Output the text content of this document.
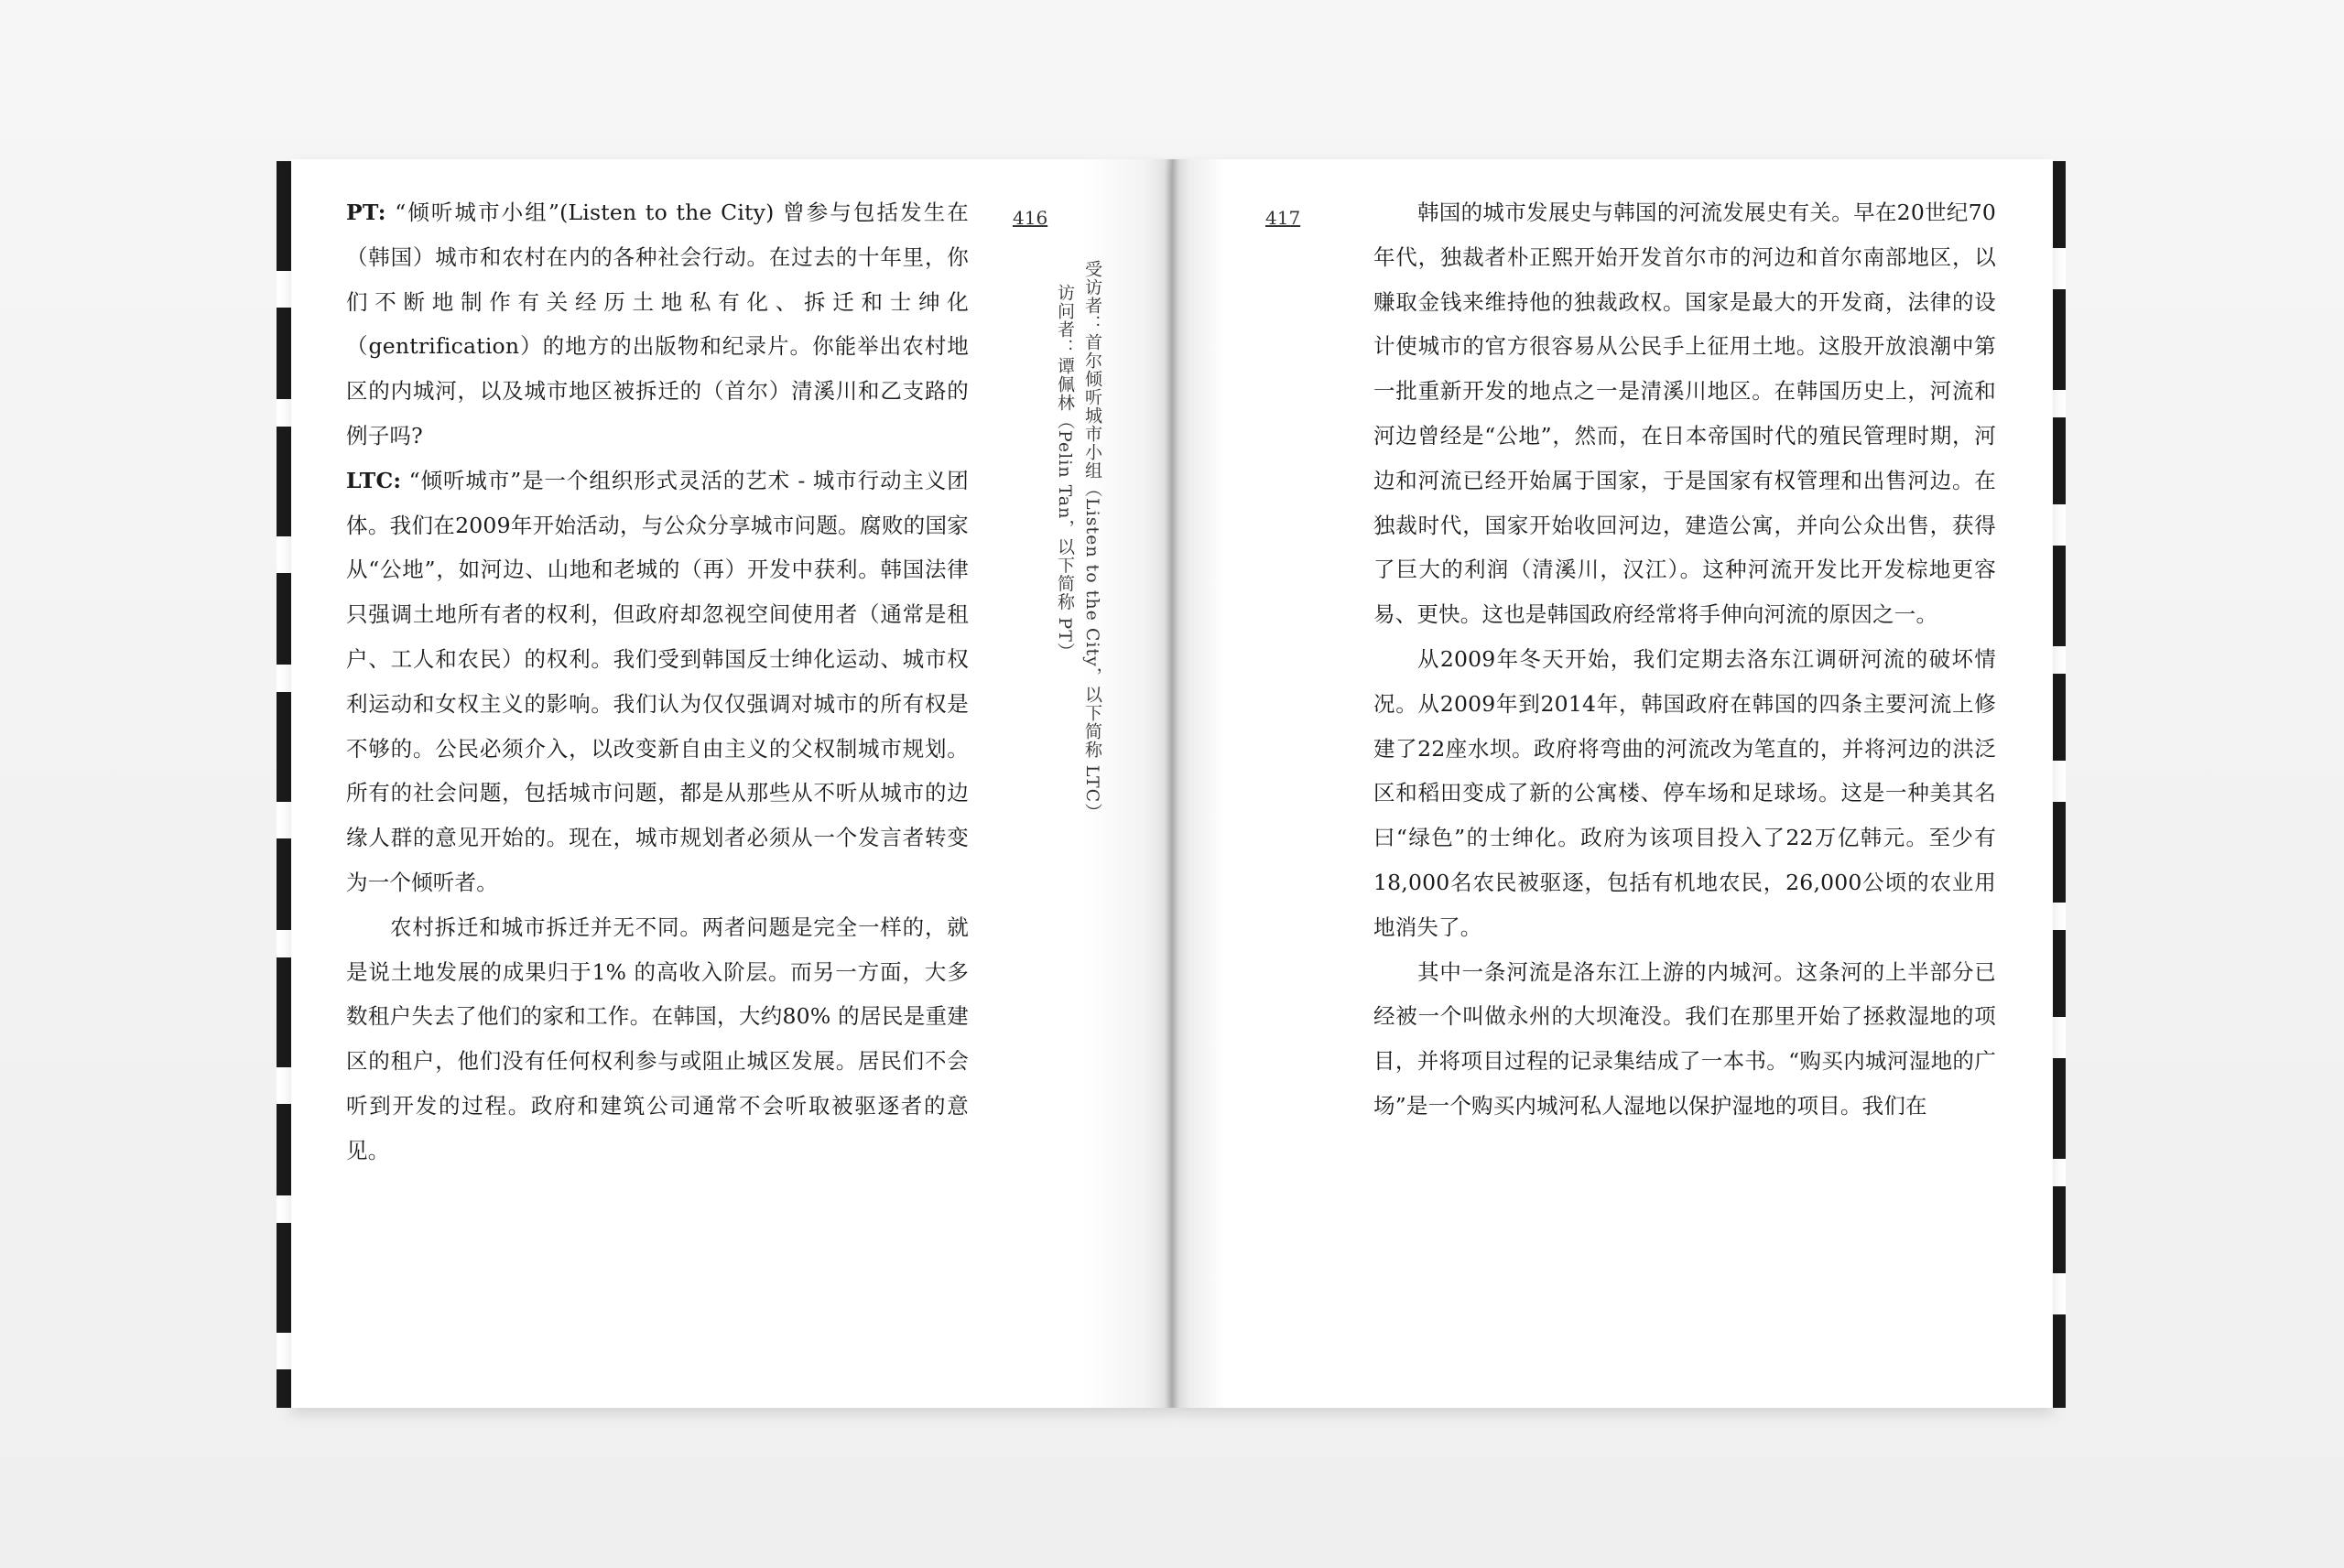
PT: “倾听城市小组”(Listen to the City) 曾参与包括发生在（韩国）城市和农村在内的各种社会行动。在过去的十年里，你们不断地制作有关经历土地私有化、拆迁和士绅化（gentrification）的地方的出版物和纪录片。你能举出农村地区的内城河，以及城市地区被拆迁的（首尔）清溪川和乙支路的例子吗?

LTC: “倾听城市”是一个组织形式灵活的艺术 - 城市行动主义团体。我们在2009年开始活动，与公众分享城市问题。腐败的国家从“公地”，如河边、山地和老城的（再）开发中获利。韩国法律只强调土地所有者的权利，但政府却忽视空间使用者（通常是租户、工人和农民）的权利。我们受到韩国反士绅化运动、城市权利运动和女权主义的影响。我们认为仅仅强调对城市的所有权是不够的。公民必须介入，以改变新自由主义的父权制城市规划。所有的社会问题，包括城市问题，都是从那些从不听从城市的边缘人群的意见开始的。现在，城市规划者必须从一个发言者转变为一个倾听者。

农村拆迁和城市拆迁并无不同。两者问题是完全一样的，就是说土地发展的成果归于1% 的高收入阶层。而另一方面，大多数租户失去了他们的家和工作。在韩国，大约80% 的居民是重建区的租户，他们没有任何权利参与或阻止城区发展。居民们不会听到开发的过程。政府和建筑公司通常不会听取被驱逐者的意见。

416
受访者：首尔倾听城市小组（Listen to the City，以下简称 LTC）
访问者：谭佩林（Pelin Tan，以下简称 PT）
417	韩国的城市发展史与韩国的河流发展史有关。早在20世纪70年代，独裁者朴正熙开始开发首尔市的河边和首尔南部地区，以赚取金钱来维持他的独裁政权。国家是最大的开发商，法律的设计使城市的官方很容易从公民手上征用土地。这股开放浪潮中第一批重新开发的地点之一是清溪川地区。在韩国历史上，河流和河边曾经是“公地”，然而，在日本帝国时代的殖民管理时期，河边和河流已经开始属于国家，于是国家有权管理和出售河边。在独裁时代，国家开始收回河边，建造公寓，并向公众出售，获得了巨大的利润（清溪川，汉江）。这种河流开发比开发棕地更容易、更快。这也是韩国政府经常将手伸向河流的原因之一。

从2009年冬天开始，我们定期去洛东江调研河流的破坏情况。从2009年到2014年，韩国政府在韩国的四条主要河流上修建了22座水坝。政府将弯曲的河流改为笔直的，并将河边的洪泛区和稻田变成了新的公寓楼、停车场和足球场。这是一种美其名曰“绿色”的士绅化。政府为该项目投入了22万亿韩元。至少有18,000名农民被驱逐，包括有机地农民，26,000公顷的农业用地消失了。

其中一条河流是洛东江上游的内城河。这条河的上半部分已经被一个叫做永州的大坝淹没。我们在那里开始了拯救湿地的项目，并将项目过程的记录集结成了一本书。“购买内城河湿地的广场”是一个购买内城河私人湿地以保护湿地的项目。我们在
